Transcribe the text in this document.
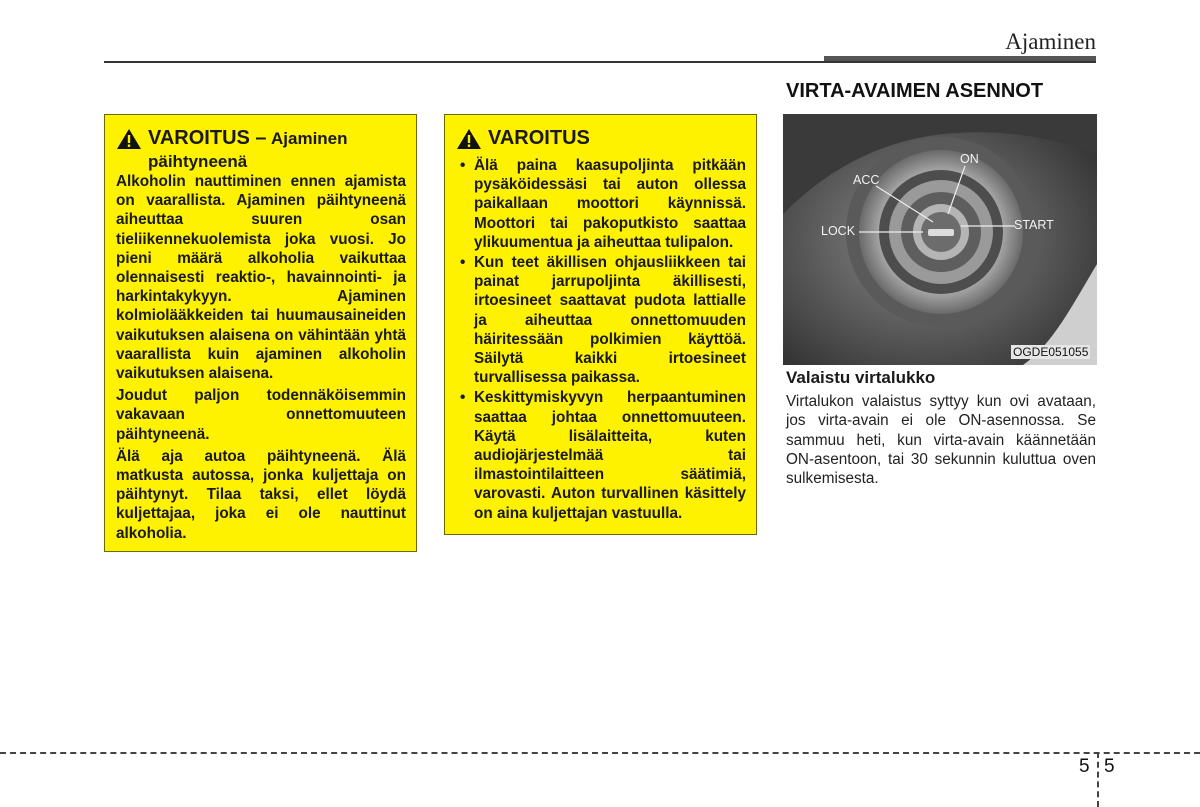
Ajaminen
VAROITUS – Ajaminen
päihtyneenä

Alkoholin nauttiminen ennen ajamista on vaarallista. Ajaminen päihtyneenä aiheuttaa suuren osan tieliikennekuolemista joka vuosi. Jo pieni määrä alkoholia vaikuttaa olennaisesti reaktio-, havainnointi- ja harkintakykyyn. Ajaminen kolmiolääkkeiden tai huumausaineiden vaikutuksen alaisena on vähintään yhtä vaarallista kuin ajaminen alkoholin vaikutuksen alaisena.

Joudut paljon todennäköisemmin vakavaan onnettomuuteen päihtyneenä.

Älä aja autoa päihtyneenä. Älä matkusta autossa, jonka kuljettaja on päihtynyt. Tilaa taksi, ellet löydä kuljettajaa, joka ei ole nauttinut alkoholia.

VAROITUS
• Älä paina kaasupoljinta pitkään pysäköidessäsi tai auton ollessa paikallaan moottori käynnissä. Moottori tai pakoputkisto saattaa ylikuumentua ja aiheuttaa tulipalon.
• Kun teet äkillisen ohjausliikkeen tai painat jarrupoljinta äkillisesti, irtoesineet saattavat pudota lattialle ja aiheuttaa onnettomuuden häiritessään polkimien käyttöä. Säilytä kaikki irtoesineet turvallisessa paikassa.
• Keskittymiskyvyn herpaantuminen saattaa johtaa onnettomuuteen. Käytä lisälaitteita, kuten audiojärjestelmää tai ilmastointilaitteen säätimiä, varovasti. Auton turvallinen käsittely on aina kuljettajan vastuulla.
VIRTA-AVAIMEN ASENNOT
ON
ACC
LOCK	START
OGDE051055
Valaistu virtalukko
Virtalukon valaistus syttyy kun ovi avataan, jos virta-avain ei ole ON-asennossa. Se sammuu heti, kun virta-avain käännetään ON-asentoon, tai 30 sekunnin kuluttua oven sulkemisesta.
5 5
